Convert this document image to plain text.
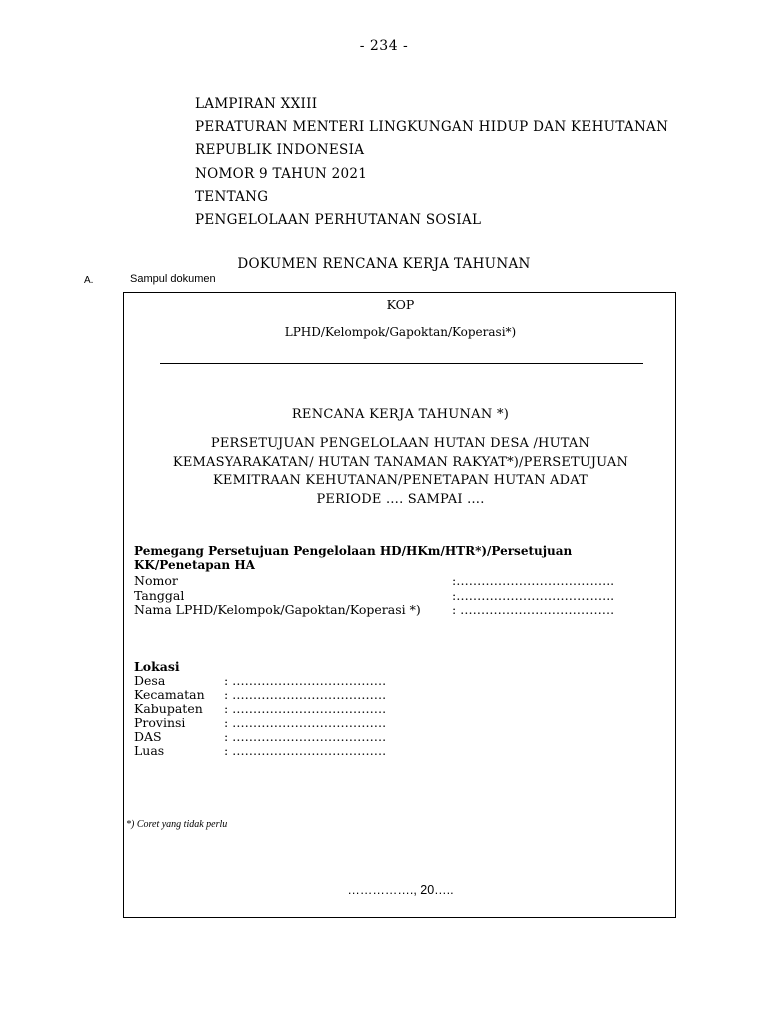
- 234 -
LAMPIRAN XXIII
PERATURAN MENTERI LINGKUNGAN HIDUP DAN KEHUTANAN
REPUBLIK INDONESIA
NOMOR 9 TAHUN 2021
TENTANG
PENGELOLAAN PERHUTANAN SOSIAL
DOKUMEN RENCANA KERJA TAHUNAN
A.	Sampul dokumen
KOP
LPHD/Kelompok/Gapoktan/Koperasi*)
RENCANA KERJA TAHUNAN *)
PERSETUJUAN PENGELOLAAN HUTAN DESA /HUTAN
KEMASYARAKATAN/ HUTAN TANAMAN RAKYAT*)/PERSETUJUAN
KEMITRAAN KEHUTANAN/PENETAPAN HUTAN ADAT
PERIODE …. SAMPAI ….
Pemegang Persetujuan Pengelolaan HD/HKm/HTR*)/Persetujuan
KK/Penetapan HA
Nomor	:………………………………..
Tanggal	:………………………………..
Nama LPHD/Kelompok/Gapoktan/Koperasi *)	: ……………………………….
Lokasi
Desa	: ……………………………….
Kecamatan : ……………………………….
Kabupaten : ……………………………….
Provinsi	: ……………………………….
DAS	: ……………………………….
Luas	: ……………………………….
*) Coret yang tidak perlu
……………., 20…..
